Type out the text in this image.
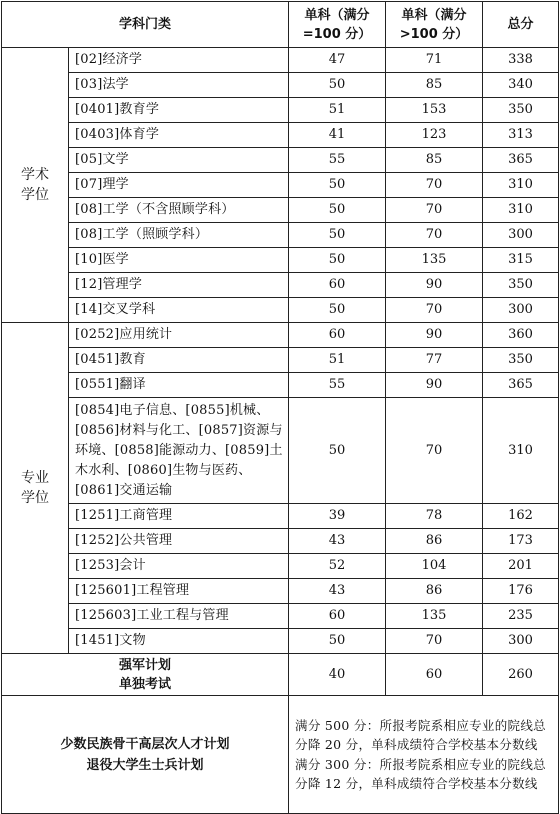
学科门类		单科（满分=100 分）	单科（满分>100 分）	总分
学术
学位	[02]经济学	47	71	338
	[03]法学	50	85	340
	[0401]教育学	51	153	350
	[0403]体育学	41	123	313
	[05]文学	55	85	365
	[07]理学	50	70	310
	[08]工学（不含照顾学科）	50	70	310
	[08]工学（照顾学科）	50	70	300
	[10]医学	50	135	315
	[12]管理学	60	90	350
	[14]交叉学科	50	70	300
专业
学位	[0252]应用统计	60	90	360
	[0451]教育	51	77	350
	[0551]翻译	55	90	365
	[0854]电子信息、[0855]机械、[0856]材料与化工、[0857]资源与环境、[0858]能源动力、[0859]土木水利、[0860]生物与医药、[0861]交通运输	50	70	310
	[1251]工商管理	39	78	162
	[1252]公共管理	43	86	173
	[1253]会计	52	104	201
	[125601]工程管理	43	86	176
	[125603]工业工程与管理	60	135	235
	[1451]文物	50	70	300
强军计划
单独考试		40	60	260
少数民族骨干高层次人才计划
退役大学生士兵计划		满分 500 分：所报考院系相应专业的院线总分降 20 分，单科成绩符合学校基本分数线
满分 300 分：所报考院系相应专业的院线总分降 12 分，单科成绩符合学校基本分数线		
